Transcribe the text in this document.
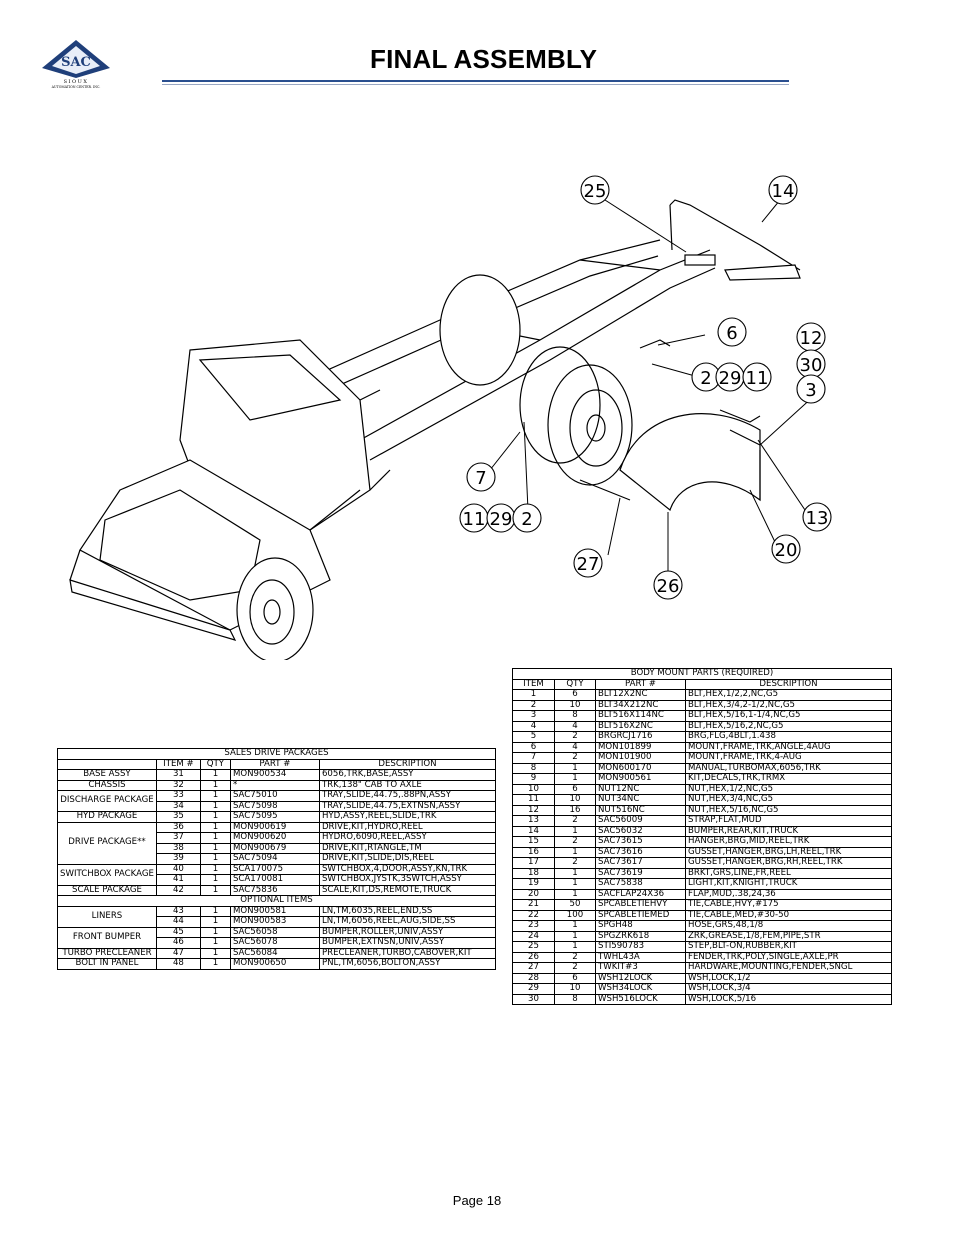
SAC
SIOUX
AUTOMATION CENTER, INC.
FINAL ASSEMBLY
25	14
6	12
30
3
2 29 11
7
11 29 2	13
20
27
26
SALES DRIVE PACKAGES				
	ITEM #	QTY	PART #	DESCRIPTION
BASE ASSY	31	1	MON900534	6056,TRK,BASE,ASSY
CHASSIS	32	1	*	TRK,138" CAB TO AXLE
DISCHARGE PACKAGE	33	1	SAC75010	TRAY,SLIDE,44.75,.88PN,ASSY
	34	1	SAC75098	TRAY,SLIDE,44.75,EXTNSN,ASSY
HYD PACKAGE	35	1	SAC75095	HYD,ASSY,REEL,SLIDE,TRK
DRIVE PACKAGE**	36	1	MON900619	DRIVE,KIT,HYDRO,REEL
	37	1	MON900620	HYDRO,6090,REEL,ASSY
	38	1	MON900679	DRIVE,KIT,RTANGLE,TM
	39	1	SAC75094	DRIVE,KIT,SLIDE,DIS,REEL
SWITCHBOX PACKAGE	40	1	SCA170075	SWTCHBOX,4,DOOR,ASSY,KN,TRK
	41	1	SCA170081	SWTCHBOX,JYSTK,3SWTCH,ASSY
SCALE PACKAGE	42	1	SAC75836	SCALE,KIT,DS,REMOTE,TRUCK
OPTIONAL ITEMS				
LINERS	43	1	MON900581	LN,TM,6035,REEL,END,SS
	44	1	MON900583	LN,TM,6056,REEL,AUG,SIDE,SS
FRONT BUMPER	45	1	SAC56058	BUMPER,ROLLER,UNIV,ASSY
	46	1	SAC56078	BUMPER,EXTNSN,UNIV,ASSY
TURBO PRECLEANER	47	1	SAC56084	PRECLEANER,TURBO,CABOVER,KIT
BOLT IN PANEL	48	1	MON900650	PNL,TM,6056,BOLTON,ASSY
BODY MOUNT PARTS (REQUIRED)			
ITEM	QTY	PART #	DESCRIPTION
1	6	BLT12X2NC	BLT,HEX,1/2,2,NC,G5
2	10	BLT34X212NC	BLT,HEX,3/4,2-1/2,NC,G5
3	8	BLT516X114NC	BLT,HEX,5/16,1-1/4,NC,G5
4	4	BLT516X2NC	BLT,HEX,5/16,2,NC,G5
5	2	BRGRCJ1716	BRG,FLG,4BLT,1.438
6	4	MON101899	MOUNT,FRAME,TRK,ANGLE,4AUG
7	2	MON101900	MOUNT,FRAME,TRK,4-AUG
8	1	MON600170	MANUAL,TURBOMAX,6056,TRK
9	1	MON900561	KIT,DECALS,TRK,TRMX
10	6	NUT12NC	NUT,HEX,1/2,NC,G5
11	10	NUT34NC	NUT,HEX,3/4,NC,G5
12	16	NUT516NC	NUT,HEX,5/16,NC,G5
13	2	SAC56009	STRAP,FLAT,MUD
14	1	SAC56032	BUMPER,REAR,KIT,TRUCK
15	2	SAC73615	HANGER,BRG,MID,REEL,TRK
16	1	SAC73616	GUSSET,HANGER,BRG,LH,REEL,TRK
17	2	SAC73617	GUSSET,HANGER,BRG,RH,REEL,TRK
18	1	SAC73619	BRKT,GRS,LINE,FR,REEL
19	1	SAC75838	LIGHT,KIT,KNIGHT,TRUCK
20	1	SACFLAP24X36	FLAP,MUD,.38,24,36
21	50	SPCABLETIEHVY	TIE,CABLE,HVY,#175
22	100	SPCABLETIEMED	TIE,CABLE,MED,#30-50
23	1	SPGH48	HOSE,GRS,48,1/8
24	1	SPGZRK618	ZRK,GREASE,1/8,FEM,PIPE,STR
25	1	STI590783	STEP,BLT-ON,RUBBER,KIT
26	2	TWHL43A	FENDER,TRK,POLY,SINGLE,AXLE,PR
27	2	TWKIT#3	HARDWARE,MOUNTING,FENDER,SNGL
28	6	WSH12LOCK	WSH,LOCK,1/2
29	10	WSH34LOCK	WSH,LOCK,3/4
30	8	WSH516LOCK	WSH,LOCK,5/16
Page 18
